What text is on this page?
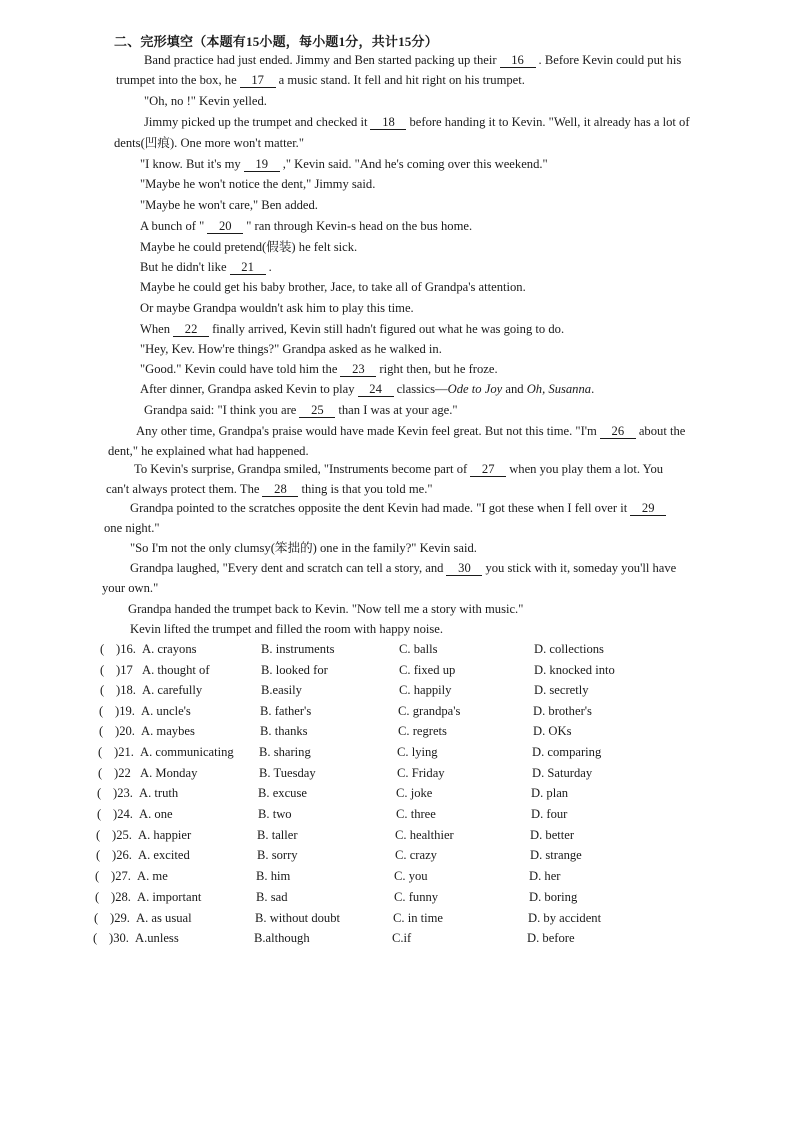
二、完形填空（本题有15小题，每小题1分，共计15分）
Band practice had just ended. Jimmy and Ben started packing up their 16 . Before Kevin could put his
trumpet into the box, he 17 a music stand. It fell and hit right on his trumpet.
"Oh, no !" Kevin yelled.
Jimmy picked up the trumpet and checked it 18 before handing it to Kevin. "Well, it already has a lot of
dents(凹痕). One more won't matter."
"I know. But it's my 19 ," Kevin said. "And he's coming over this weekend."
"Maybe he won't notice the dent," Jimmy said.
"Maybe he won't care," Ben added.
A bunch of " 20 " ran through Kevin-s head on the bus home.
Maybe he could pretend(假装) he felt sick.
But he didn't like 21 .
Maybe he could get his baby brother, Jace, to take all of Grandpa's attention.
Or maybe Grandpa wouldn't ask him to play this time.
When 22 finally arrived, Kevin still hadn't figured out what he was going to do.
"Hey, Kev. How're things?" Grandpa asked as he walked in.
"Good." Kevin could have told him the 23 right then, but he froze.
After dinner, Grandpa asked Kevin to play 24 classics—Ode to Joy and Oh, Susanna.
Grandpa said: "I think you are 25 than I was at your age."
Any other time, Grandpa's praise would have made Kevin feel great. But not this time. "I'm 26 about the
dent," he explained what had happened.
To Kevin's surprise, Grandpa smiled, "Instruments become part of 27 when you play them a lot. You
can't always protect them. The 28 thing is that you told me."
Grandpa pointed to the scratches opposite the dent Kevin had made. "I got these when I fell over it 29
one night."
"So I'm not the only clumsy(笨拙的) one in the family?" Kevin said.
Grandpa laughed, "Every dent and scratch can tell a story, and 30 you stick with it, someday you'll have
your own."
Grandpa handed the trumpet back to Kevin. "Now tell me a story with music."
Kevin lifted the trumpet and filled the room with happy noise.
( )16. A. crayons	B. instruments	C. balls	D. collections
( )17 A. thought of	B. looked for	C. fixed up	D. knocked into
( )18. A. carefully	B.easily	C. happily	D. secretly
( )19. A. uncle's	B. father's	C. grandpa's	D. brother's
( )20. A. maybes	B. thanks	C. regrets	D. OKs
( )21. A. communicating B. sharing	C. lying	D. comparing
( )22 A. Monday	B. Tuesday	C. Friday	D. Saturday
( )23. A. truth	B. excuse	C. joke	D. plan
( )24. A. one	B. two	C. three	D. four
( )25. A. happier	B. taller	C. healthier	D. better
( )26. A. excited	B. sorry	C. crazy	D. strange
( )27. A. me	B. him	C. you	D. her
( )28. A. important	B. sad	C. funny	D. boring
( )29. A. as usual	B. without doubt	C. in time	D. by accident
( )30. A.unless	B.although	C.if	D. before
